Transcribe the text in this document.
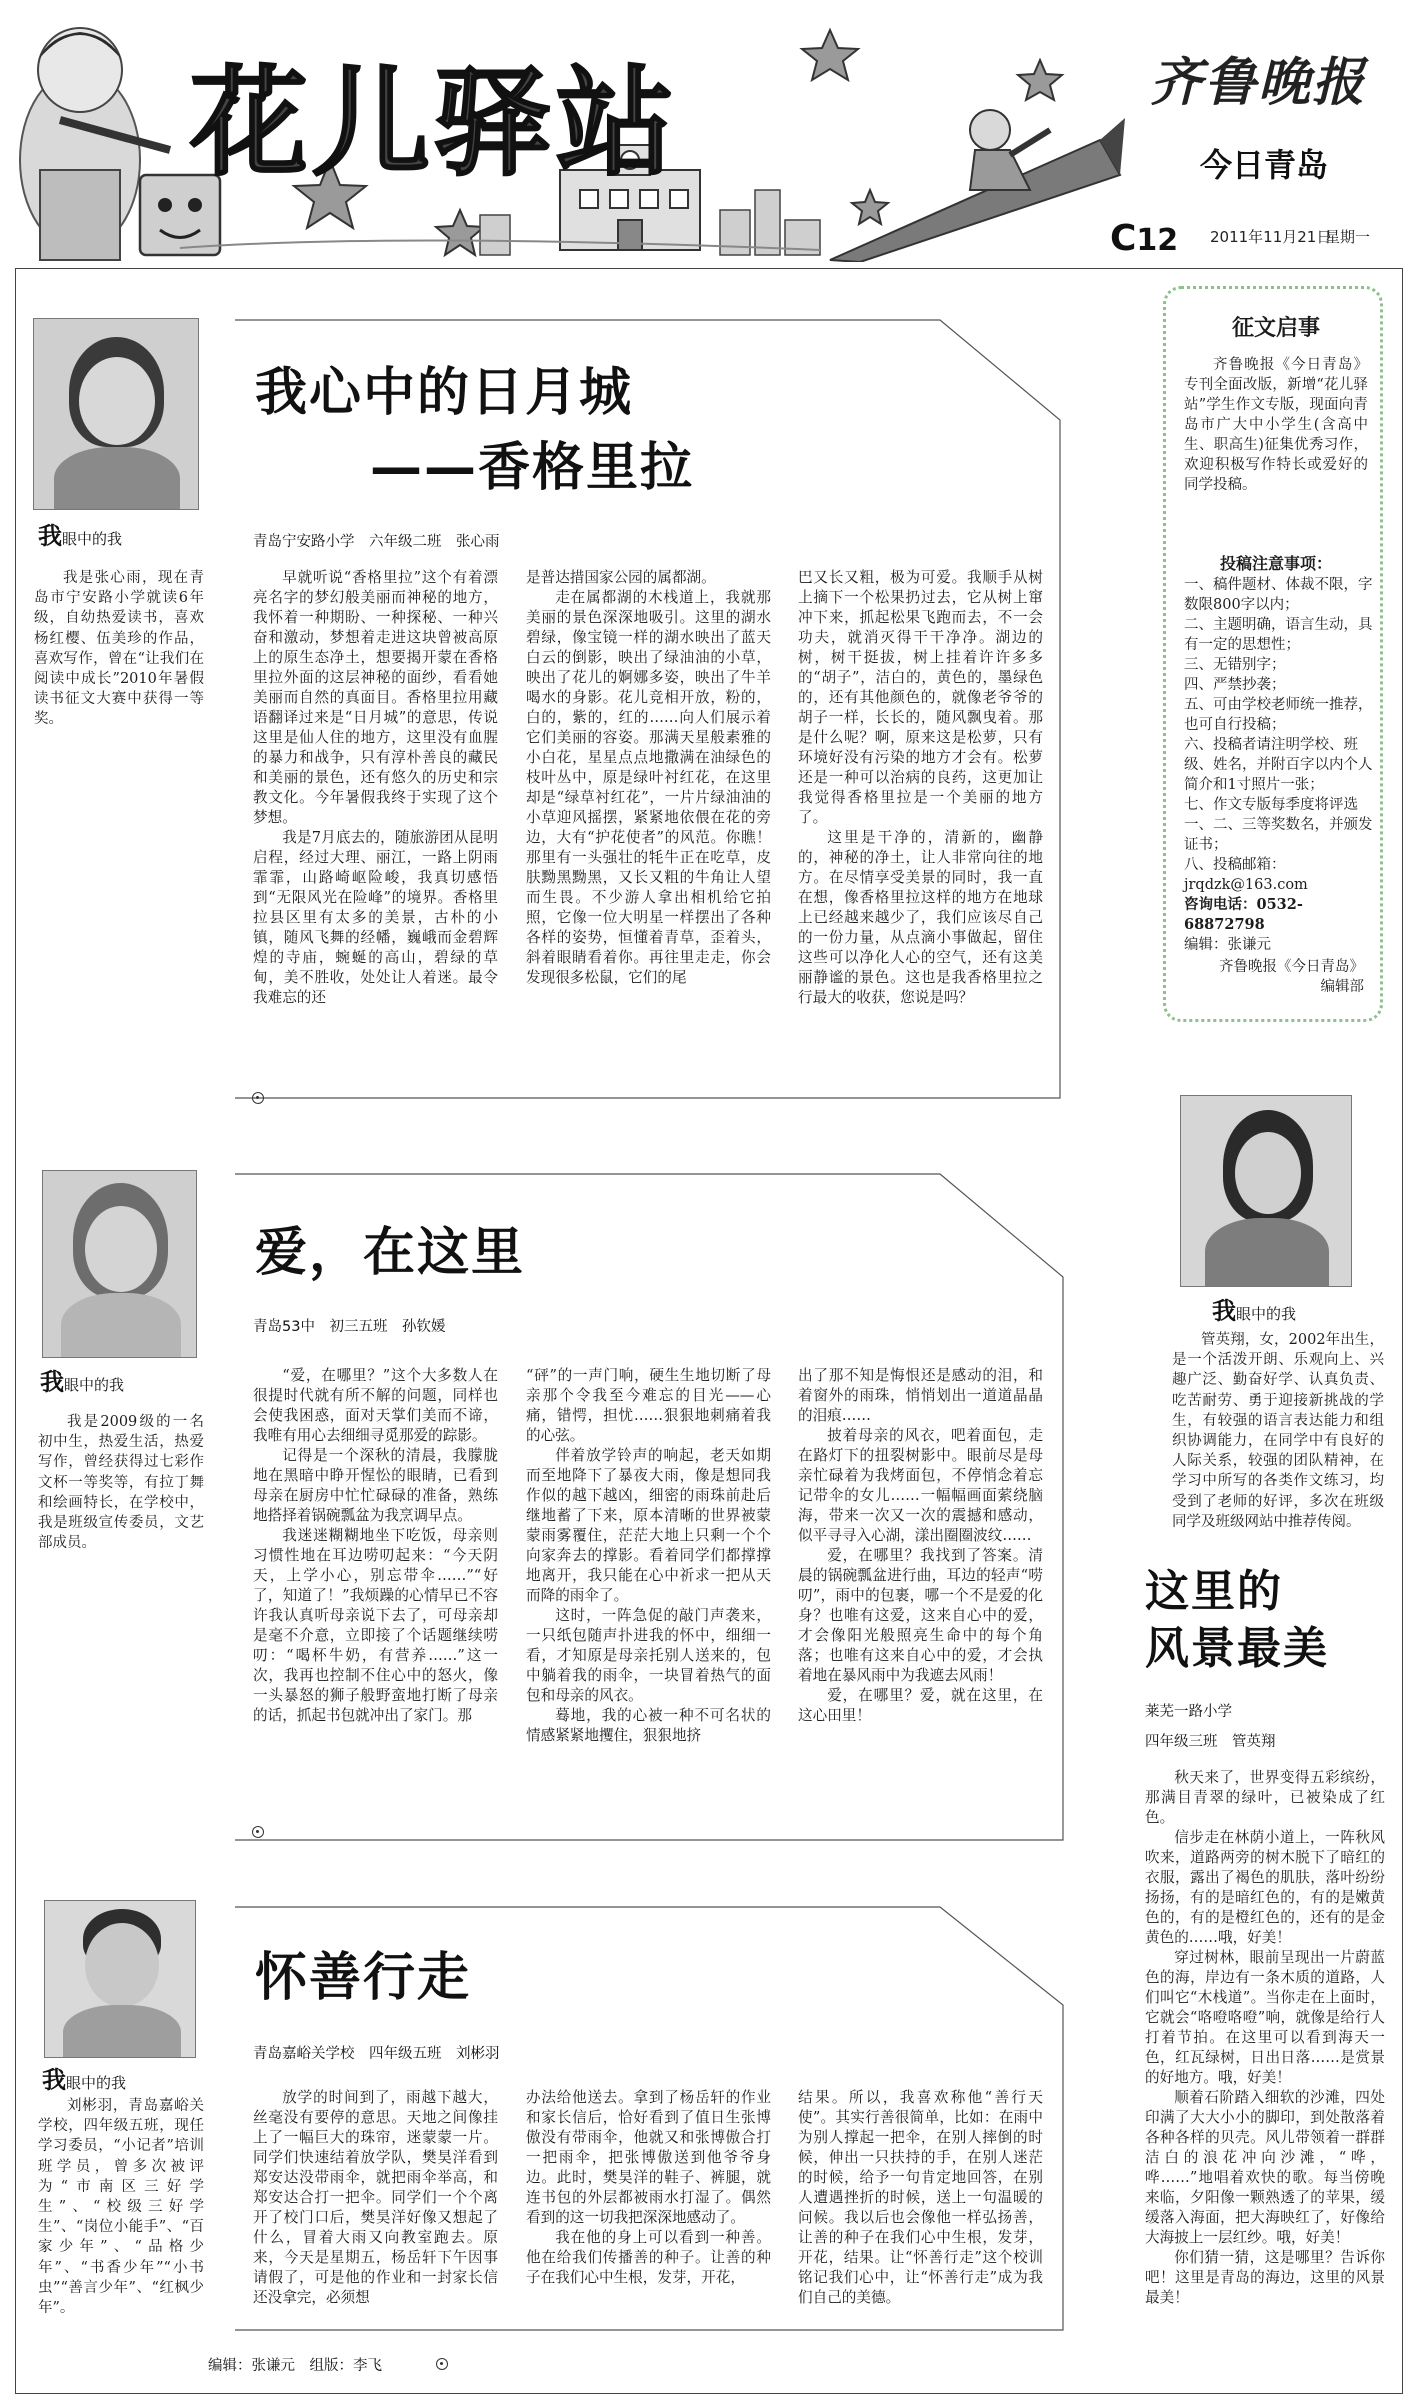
花儿驿站	齐鲁晚报
今日青岛
C12 2011年11月21日
星期一
我眼中的我
我是张心雨，现在青岛市宁安路小学就读6年级，自幼热爱读书，喜欢杨红樱、伍美珍的作品，喜欢写作，曾在“让我们在阅读中成长”2010年暑假读书征文大赛中获得一等奖。
我心中的日月城
——香格里拉
青岛宁安路小学　六年级二班　张心雨

早就听说“香格里拉”这个有着漂亮名字的梦幻般美丽而神秘的地方，我怀着一种期盼、一种探秘、一种兴奋和激动，梦想着走进这块曾被高原上的原生态净土，想要揭开蒙在香格里拉外面的这层神秘的面纱，看看她美丽而自然的真面目。香格里拉用藏语翻译过来是“日月城”的意思，传说这里是仙人住的地方，这里没有血腥的暴力和战争，只有淳朴善良的藏民和美丽的景色，还有悠久的历史和宗教文化。今年暑假我终于实现了这个梦想。

我是7月底去的，随旅游团从昆明启程，经过大理、丽江，一路上阴雨霏霏，山路崎岖险峻，我真切感悟到“无限风光在险峰”的境界。香格里拉县区里有太多的美景，古朴的小镇，随风飞舞的经幡，巍峨而金碧辉煌的寺庙，蜿蜒的高山，碧绿的草甸，美不胜收，处处让人着迷。最令我难忘的还

是普达措国家公园的属都湖。

走在属都湖的木栈道上，我就那美丽的景色深深地吸引。这里的湖水碧绿，像宝镜一样的湖水映出了蓝天白云的倒影，映出了绿油油的小草，映出了花儿的婀娜多姿，映出了牛羊喝水的身影。花儿竞相开放，粉的，白的，紫的，红的……向人们展示着它们美丽的容姿。那满天星般素雅的小白花，星星点点地撒满在油绿色的枝叶丛中，原是绿叶衬红花，在这里却是“绿草衬红花”，一片片绿油油的小草迎风摇摆，紧紧地依偎在花的旁边，大有“护花使者”的风范。你瞧！那里有一头强壮的牦牛正在吃草，皮肤黝黑黝黑，又长又粗的牛角让人望而生畏。不少游人拿出相机给它拍照，它像一位大明星一样摆出了各种各样的姿势，恒懂着青草，歪着头，斜着眼睛看着你。再往里走走，你会发现很多松鼠，它们的尾

巴又长又粗，极为可爱。我顺手从树上摘下一个松果扔过去，它从树上窜冲下来，抓起松果飞跑而去，不一会功夫，就消灭得干干净净。湖边的树，树干挺拔，树上挂着许许多多的“胡子”，洁白的，黄色的，墨绿色的，还有其他颜色的，就像老爷爷的胡子一样，长长的，随风飘曳着。那是什么呢？啊，原来这是松萝，只有环境好没有污染的地方才会有。松萝还是一种可以治病的良药，这更加让我觉得香格里拉是一个美丽的地方了。

这里是干净的，清新的，幽静的，神秘的净土，让人非常向往的地方。在尽情享受美景的同时，我一直在想，像香格里拉这样的地方在地球上已经越来越少了，我们应该尽自己的一份力量，从点滴小事做起，留住这些可以净化人心的空气，还有这美丽静谧的景色。这也是我香格里拉之行最大的收获，您说是吗？

征文启事

齐鲁晚报《今日青岛》专刊全面改版，新增“花儿驿站”学生作文专版，现面向青岛市广大中小学生(含高中生、职高生)征集优秀习作，欢迎积极写作特长或爱好的同学投稿。

投稿注意事项：
一、稿件题材、体裁不限，字数限800字以内；
二、主题明确，语言生动，具有一定的思想性；
三、无错别字；
四、严禁抄袭；
五、可由学校老师统一推荐，也可自行投稿；
六、投稿者请注明学校、班级、姓名，并附百字以内个人简介和1寸照片一张；
七、作文专版每季度将评选一、二、三等奖数名，并颁发证书；
八、投稿邮箱：jrqdzk@163.com
咨询电话：0532-68872798
编辑：张谦元
齐鲁晚报《今日青岛》
编辑部
我眼中的我
我是2009级的一名初中生，热爱生活，热爱写作，曾经获得过七彩作文杯一等奖等，有拉丁舞和绘画特长，在学校中，我是班级宣传委员，文艺部成员。
爱，在这里
青岛53中　初三五班　孙钦媛

“爱，在哪里？”这个大多数人在很提时代就有所不解的问题，同样也会使我困惑，面对天掌们美而不谛，我唯有用心去细细寻觅那爱的踪影。

记得是一个深秋的清晨，我朦胧地在黑暗中睁开惺忪的眼睛，已看到母亲在厨房中忙忙碌碌的准备，熟练地搭择着锅碗瓢盆为我烹调早点。

我迷迷糊糊地坐下吃饭，母亲则习惯性地在耳边唠叨起来：“今天阴天，上学小心，别忘带伞……”“好了，知道了！”我烦躁的心情早已不容许我认真听母亲说下去了，可母亲却是毫不介意，立即接了个话题继续唠叨：“喝杯牛奶，有营养……”这一次，我再也控制不住心中的怒火，像一头暴怒的狮子般野蛮地打断了母亲的话，抓起书包就冲出了家门。那

“砰”的一声门响，硬生生地切断了母亲那个令我至今难忘的目光——心痛，错愕，担忧……狠狠地刺痛着我的心弦。

伴着放学铃声的响起，老天如期而至地降下了暴夜大雨，像是想同我作似的越下越凶，细密的雨珠前赴后继地蓄了下来，原本清晰的世界被蒙蒙雨雾覆住，茫茫大地上只剩一个个向家奔去的撑影。看着同学们都撑撑地离开，我只能在心中祈求一把从天而降的雨伞了。

这时，一阵急促的敲门声袭来，一只纸包随声扑进我的怀中，细细一看，才知原是母亲托别人送来的，包中躺着我的雨伞，一块冒着热气的面包和母亲的风衣。

蓦地，我的心被一种不可名状的情感紧紧地攫住，狠狠地挤

出了那不知是悔恨还是感动的泪，和着窗外的雨珠，悄悄划出一道道晶晶的泪痕……

披着母亲的风衣，吧着面包，走在路灯下的扭裂树影中。眼前尽是母亲忙碌着为我烤面包，不停悄念着忘记带伞的女儿……一幅幅画面萦绕脑海，带来一次又一次的震撼和感动，似平寻寻入心湖，漾出圈圈波纹……

爱，在哪里？我找到了答案。清晨的锅碗瓢盆进行曲，耳边的轻声“唠叨”，雨中的包裹，哪一个不是爱的化身？也唯有这爱，这来自心中的爱，才会像阳光般照亮生命中的每个角落；也唯有这来自心中的爱，才会执着地在暴风雨中为我遮去风雨！

爱，在哪里？爱，就在这里，在这心田里！

我眼中的我
刘彬羽，青岛嘉峪关学校，四年级五班，现任学习委员，“小记者”培训班学员，曾多次被评为“市南区三好学生”、“校级三好学生”、“岗位小能手”、“百家少年”、“品格少年”、“书香少年”“小书虫”“善言少年”、“红枫少年”。
怀善行走
青岛嘉峪关学校　四年级五班　刘彬羽

放学的时间到了，雨越下越大，丝毫没有要停的意思。天地之间像挂上了一幅巨大的珠帘，迷蒙蒙一片。同学们快速结着放学队，樊昊洋看到郑安达没带雨伞，就把雨伞举高，和郑安达合打一把伞。同学们一个个离开了校门口后，樊昊洋好像又想起了什么，冒着大雨又向教室跑去。原来，今天是星期五，杨岳轩下午因事请假了，可是他的作业和一封家长信还没拿完，必须想

办法给他送去。拿到了杨岳轩的作业和家长信后，恰好看到了值日生张博傲没有带雨伞，他就又和张博傲合打一把雨伞，把张博傲送到他爷爷身边。此时，樊昊洋的鞋子、裤腿，就连书包的外层都被雨水打湿了。偶然看到的这一切我把深深地感动了。

我在他的身上可以看到一种善。他在给我们传播善的种子。让善的种子在我们心中生根，发芽，开花，

结果。所以，我喜欢称他“善行天使”。其实行善很简单，比如：在雨中为别人撑起一把伞，在别人摔倒的时候，伸出一只扶持的手，在别人迷茫的时候，给予一句肯定地回答，在别人遭遇挫折的时候，送上一句温暖的问候。我以后也会像他一样弘扬善，让善的种子在我们心中生根，发芽，开花，结果。让“怀善行走”这个校训铭记我们心中，让“怀善行走”成为我们自己的美德。

编辑：张谦元　组版：李飞
我眼中的我
管英翔，女，2002年出生，是一个活泼开朗、乐观向上、兴趣广泛、勤奋好学、认真负责、吃苦耐劳、勇于迎接新挑战的学生，有较强的语言表达能力和组织协调能力，在同学中有良好的人际关系，较强的团队精神，在学习中所写的各类作文练习，均受到了老师的好评，多次在班级同学及班级网站中推荐传阅。
这里的
风景最美
莱芜一路小学
四年级三班　管英翔

秋天来了，世界变得五彩缤纷，那满目青翠的绿叶，已被染成了红色。

信步走在林荫小道上，一阵秋风吹来，道路两旁的树木脱下了暗红的衣服，露出了褐色的肌肤，落叶纷纷扬扬，有的是暗红色的，有的是嫩黄色的，有的是橙红色的，还有的是金黄色的……哦，好美！

穿过树林，眼前呈现出一片蔚蓝色的海，岸边有一条木质的道路，人们叫它“木栈道”。当你走在上面时，它就会“咯噔咯噔”响，就像是给行人打着节拍。在这里可以看到海天一色，红瓦绿树，日出日落……是赏景的好地方。哦，好美！

顺着石阶踏入细软的沙滩，四处印满了大大小小的脚印，到处散落着各种各样的贝壳。风儿带领着一群群洁白的浪花冲向沙滩，“哗，哗……”地唱着欢快的歌。每当傍晚来临，夕阳像一颗熟透了的苹果，缓缓落入海面，把大海映红了，好像给大海披上一层红纱。哦，好美！

你们猜一猜，这是哪里？告诉你吧！这里是青岛的海边，这里的风景最美！
